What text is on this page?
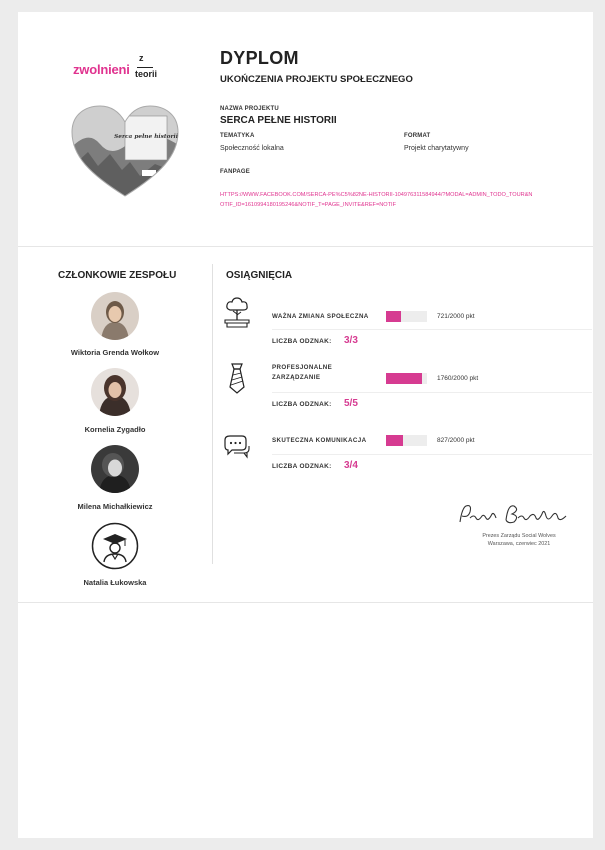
zwolnieni
z
teorii
Serca pełne historii
DYPLOM
UKOŃCZENIA PROJEKTU SPOŁECZNEGO
NAZWA PROJEKTU
SERCA PEŁNE HISTORII
TEMATYKA
Społeczność lokalna
FORMAT
Projekt charytatywny
FANPAGE
HTTPS://WWW.FACEBOOK.COM/SERCA-PE%C5%82NE-HISTORII-104976311584944/?MODAL=ADMIN_TODO_TOUR&NOTIF_ID=1610994180195246&NOTIF_T=PAGE_INVITE&REF=NOTIF
CZŁONKOWIE ZESPOŁU
Wiktoria Grenda Wołkow
Kornelia Zygadło
Milena Michałkiewicz
Natalia Łukowska
OSIĄGNIĘCIA
WAŻNA ZMIANA SPOŁECZNA	721/2000 pkt
LICZBA ODZNAK: 3/3
PROFESJONALNE
ZARZĄDZANIE	1760/2000 pkt
LICZBA ODZNAK: 5/5
SKUTECZNA KOMUNIKACJA	827/2000 pkt
LICZBA ODZNAK: 3/4
Prezes Zarządu Social Wolves
Warszawa, czerwiec 2021
